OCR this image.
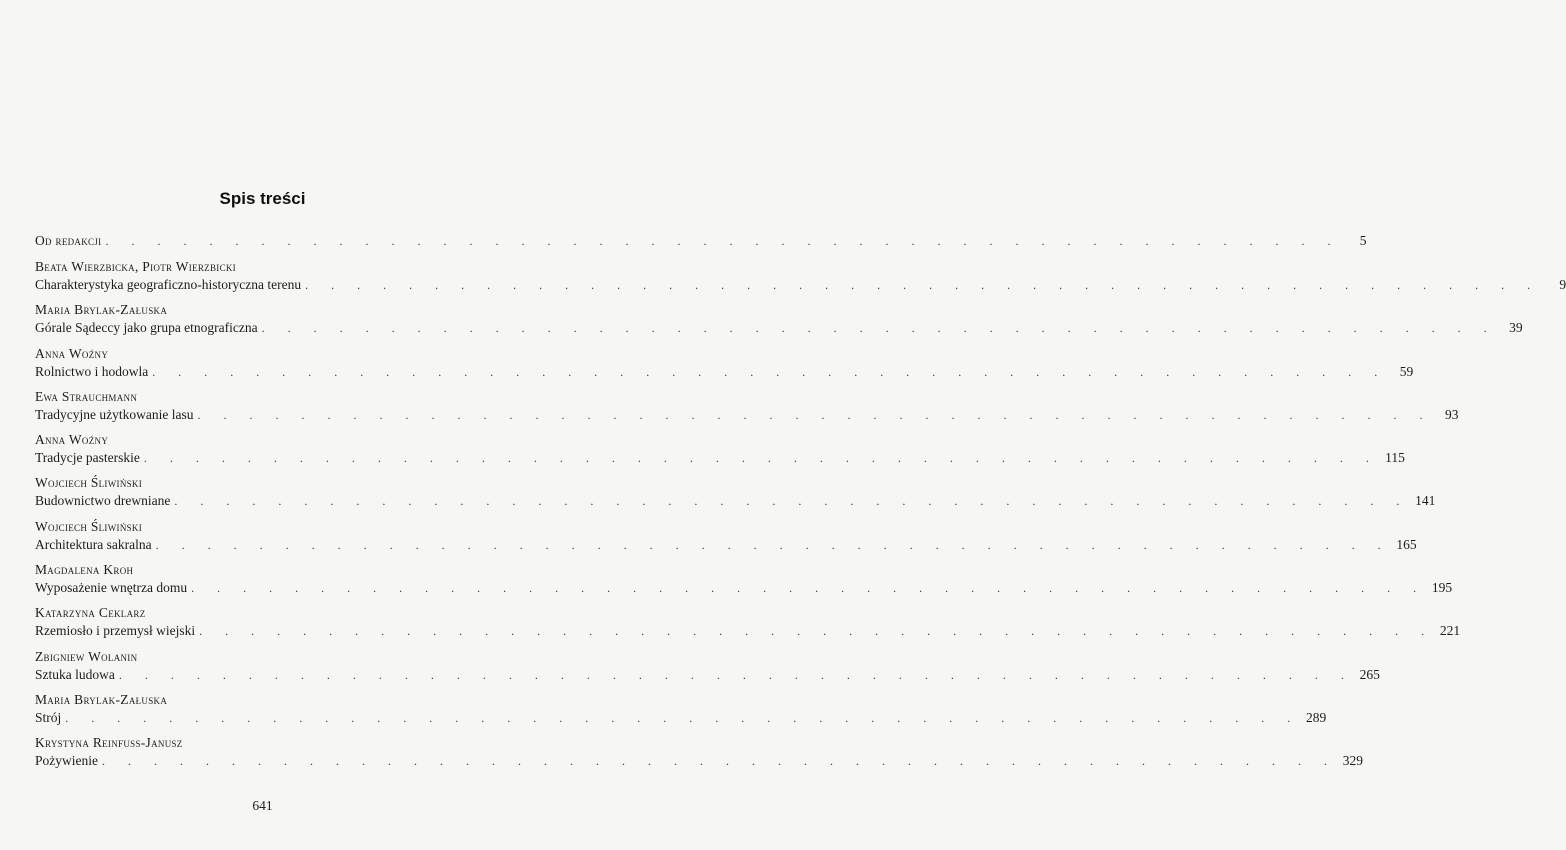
Spis treści
Od redakcji . . . . . . . . . . . . . . . . . . . . . . . . . . . . . . . . . . . . . . . . . . . . . . . .	5
Beata Wierzbicka, Piotr Wierzbicki
Charakterystyka geograficzno-historyczna terenu . . . . . . . . . . . . . . . . . . . . . . . . . . . . . . . . . . . . . . . . . . . . . . . .	9
Maria Brylak-Załuska
Górale Sądeccy jako grupa etnograficzna . . . . . . . . . . . . . . . . . . . . . . . . . . . . . . . . . . . . . . . . . . . . . . . . 39
Anna Woźny
Rolnictwo i hodowla . . . . . . . . . . . . . . . . . . . . . . . . . . . . . . . . . . . . . . . . . . . . . . . . 59
Ewa Strauchmann
Tradycyjne użytkowanie lasu . . . . . . . . . . . . . . . . . . . . . . . . . . . . . . . . . . . . . . . . . . . . . . . . 93
Anna Woźny
Tradycje pasterskie . . . . . . . . . . . . . . . . . . . . . . . . . . . . . . . . . . . . . . . . . . . . . . . . 115
Wojciech Śliwiński
Budownictwo drewniane . . . . . . . . . . . . . . . . . . . . . . . . . . . . . . . . . . . . . . . . . . . . . . . . 141
Wojciech Śliwiński
Architektura sakralna . . . . . . . . . . . . . . . . . . . . . . . . . . . . . . . . . . . . . . . . . . . . . . . . 165
Magdalena Kroh
Wyposażenie wnętrza domu . . . . . . . . . . . . . . . . . . . . . . . . . . . . . . . . . . . . . . . . . . . . . . . . 195
Katarzyna Ceklarz
Rzemiosło i przemysł wiejski . . . . . . . . . . . . . . . . . . . . . . . . . . . . . . . . . . . . . . . . . . . . . . . . 221
Zbigniew Wolanin
Sztuka ludowa . . . . . . . . . . . . . . . . . . . . . . . . . . . . . . . . . . . . . . . . . . . . . . . . 265
Maria Brylak-Załuska
Strój . . . . . . . . . . . . . . . . . . . . . . . . . . . . . . . . . . . . . . . . . . . . . . . . 289
Krystyna Reinfuss-Janusz
Pożywienie . . . . . . . . . . . . . . . . . . . . . . . . . . . . . . . . . . . . . . . . . . . . . . . . 329
641
